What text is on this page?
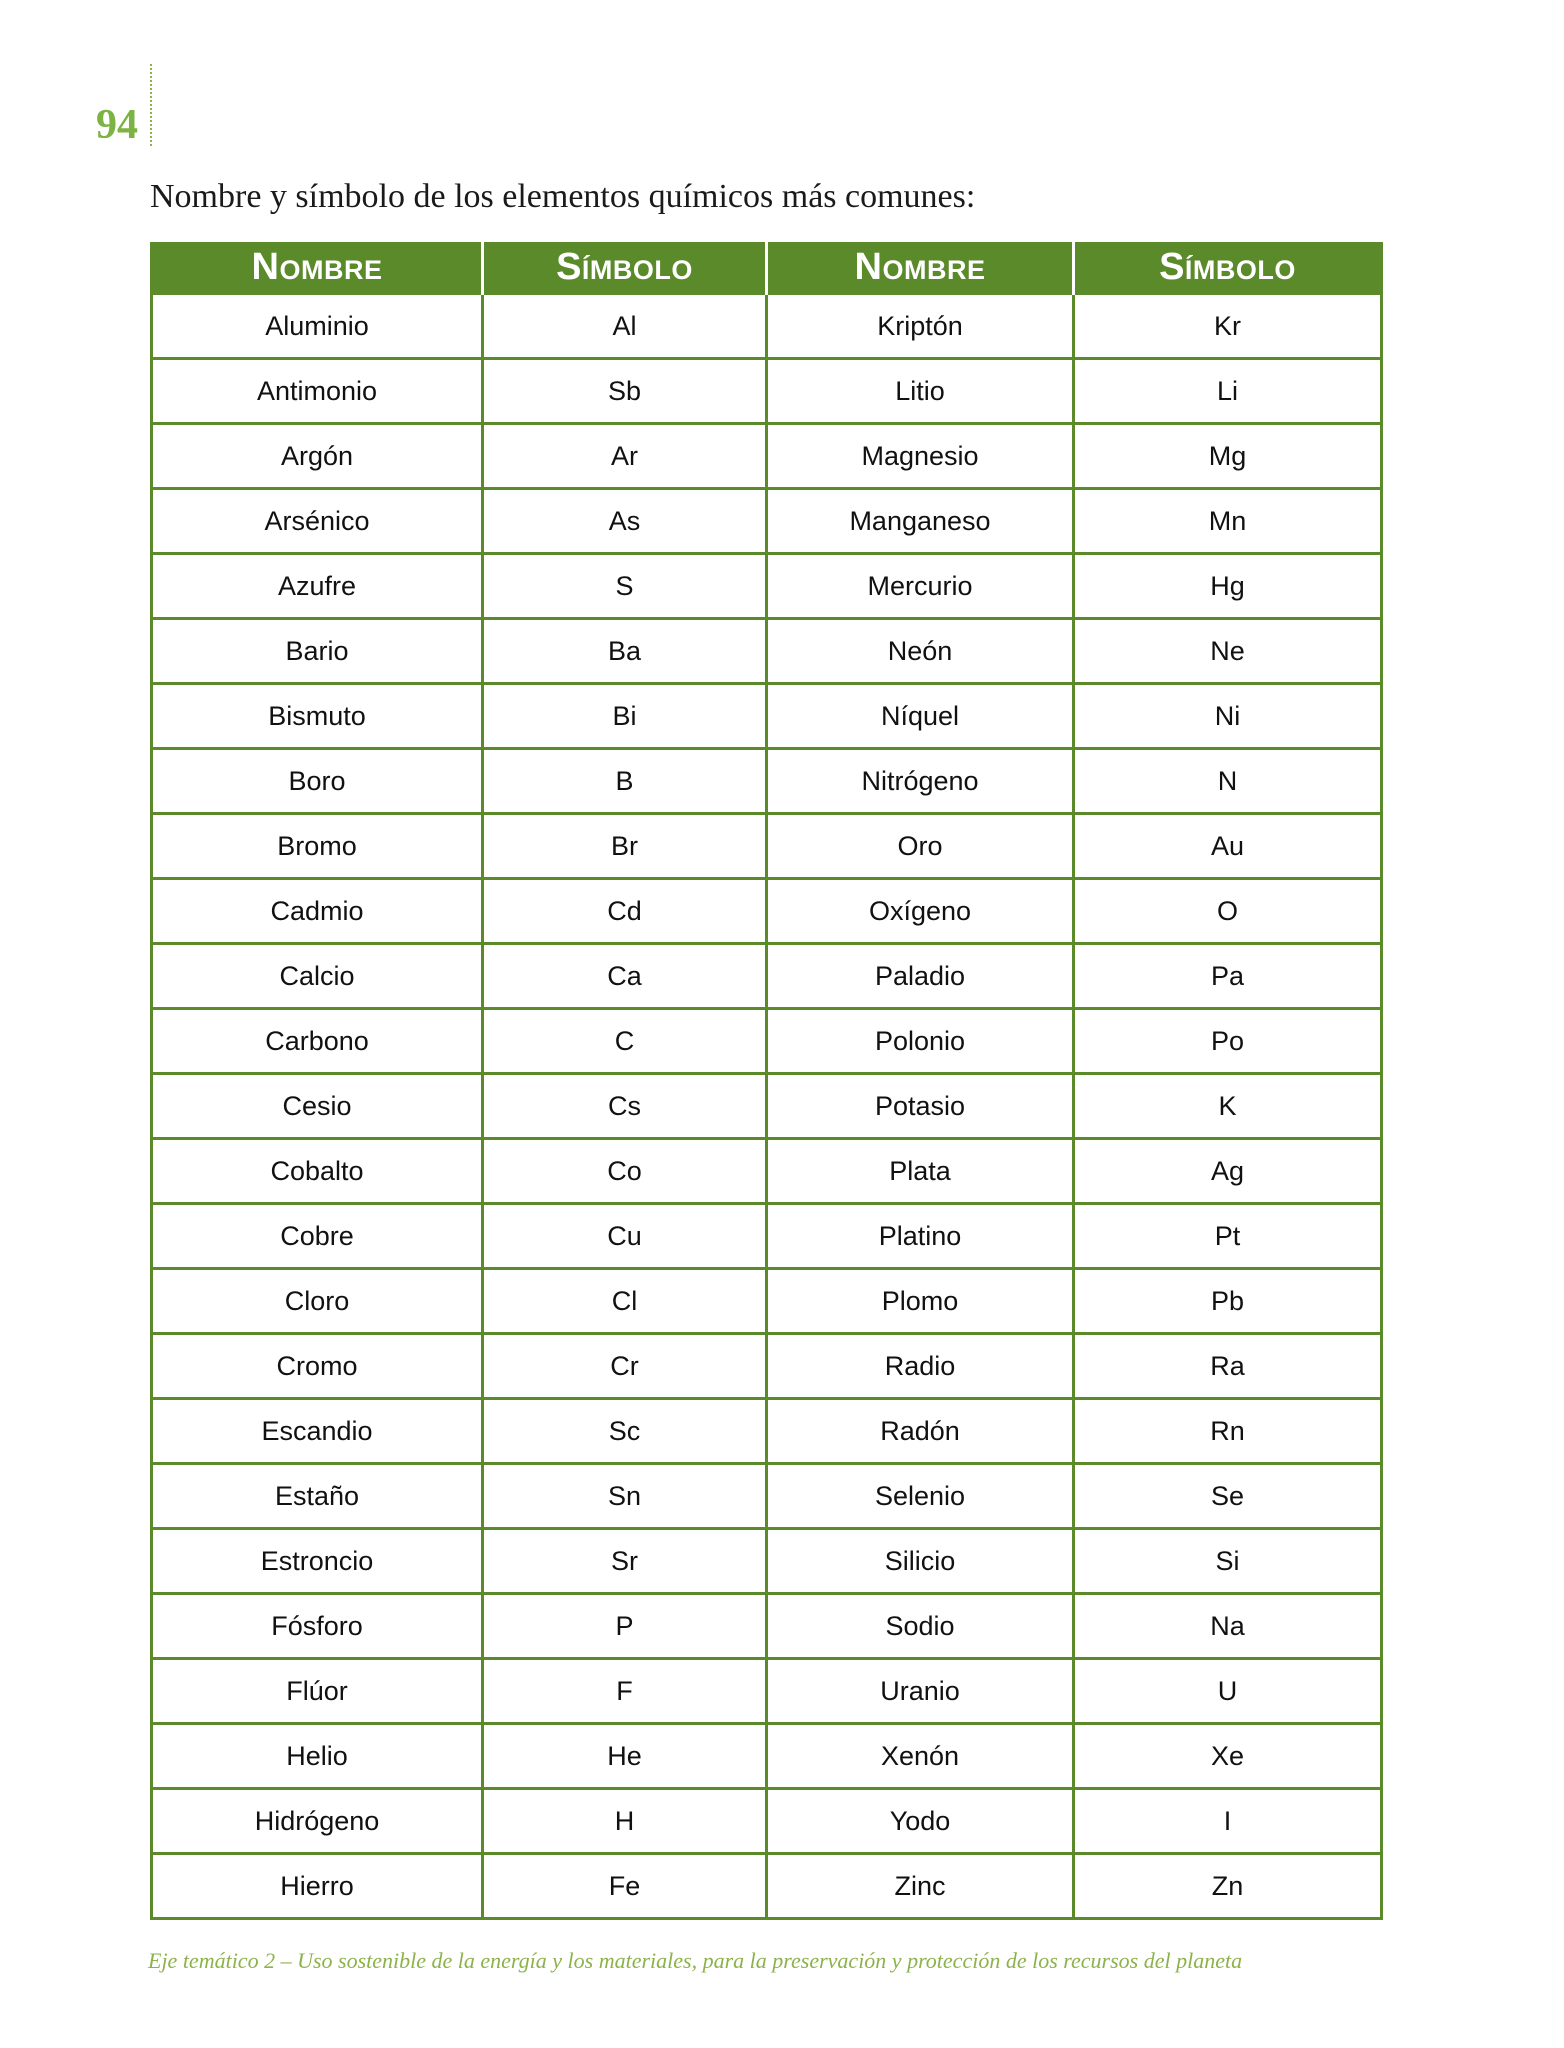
94
Nombre y símbolo de los elementos químicos más comunes:
Nombre	Símbolo	Nombre	Símbolo
Aluminio	Al	Kriptón	Kr
Antimonio	Sb	Litio	Li
Argón	Ar	Magnesio	Mg
Arsénico	As	Manganeso	Mn
Azufre	S	Mercurio	Hg
Bario	Ba	Neón	Ne
Bismuto	Bi	Níquel	Ni
Boro	B	Nitrógeno	N
Bromo	Br	Oro	Au
Cadmio	Cd	Oxígeno	O
Calcio	Ca	Paladio	Pa
Carbono	C	Polonio	Po
Cesio	Cs	Potasio	K
Cobalto	Co	Plata	Ag
Cobre	Cu	Platino	Pt
Cloro	Cl	Plomo	Pb
Cromo	Cr	Radio	Ra
Escandio	Sc	Radón	Rn
Estaño	Sn	Selenio	Se
Estroncio	Sr	Silicio	Si
Fósforo	P	Sodio	Na
Flúor	F	Uranio	U
Helio	He	Xenón	Xe
Hidrógeno	H	Yodo	I
Hierro	Fe	Zinc	Zn
Eje temático 2 – Uso sostenible de la energía y los materiales, para la preservación y protección de los recursos del planeta
